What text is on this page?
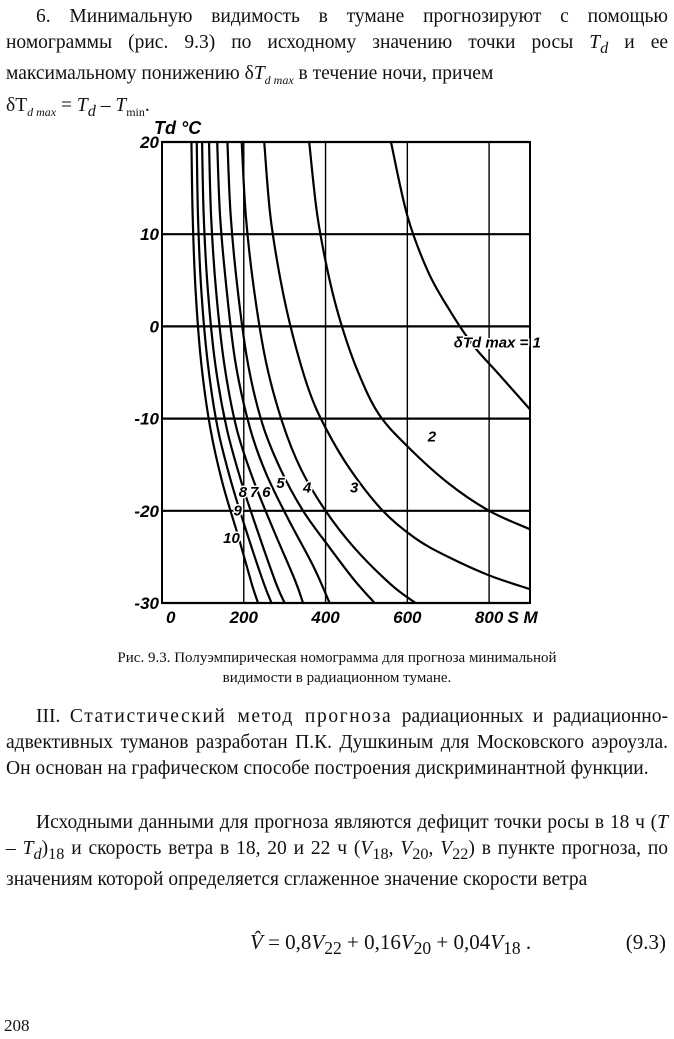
6. Минимальную видимость в тумане прогнозируют с помощью номограммы (рис. 9.3) по исходному значению точки росы $T_d$ и ее максимальному понижению $\delta T_{d max}$ в течение ночи, причем
$\delta T_{d max} = T_d - T_{min}$.

20
10
0
-10
-20
-30
0	200	400	600	800
Td °C
S M
2
3
4
5
6
7
8
9
10
δTd max = 1
Рис. 9.3. Полуэмпирическая номограмма для прогноза минимальной
видимости в радиационном тумане.

III. Статистический метод прогноза радиационных и радиационно-адвективных туманов разработан П.К. Душкиным для Московского аэроузла. Он основан на графическом способе построения дискриминантной функции.

Исходными данными для прогноза являются дефицит точки росы в 18 ч $(T - T_d)_{18}$ и скорость ветра в 18, 20 и 22 ч ($V_{18}$, $V_{20}$, $V_{22}$) в пункте прогноза, по значениям которой определяется сглаженное значение скорости ветра

V̂ = $0,8V_{22} + 0,16V_{20} + 0,04V_{18}$ .	(9.3)
208
